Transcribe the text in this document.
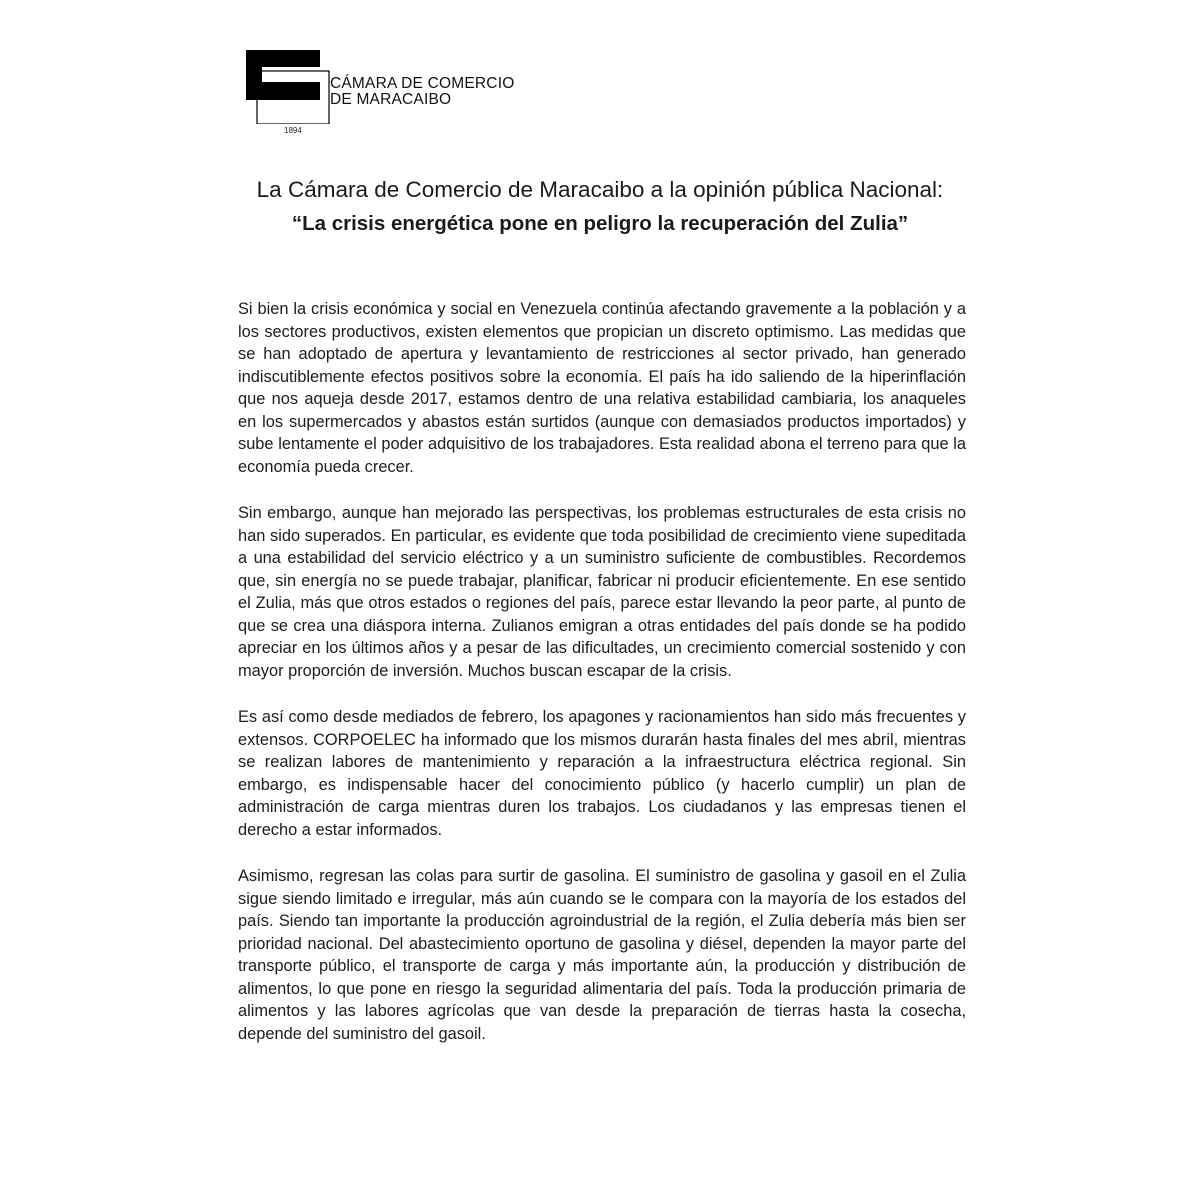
CÁMARA DE COMERCIO
DE MARACAIBO
1894
La Cámara de Comercio de Maracaibo a la opinión pública Nacional: “La crisis energética pone en peligro la recuperación del Zulia”

Si bien la crisis económica y social en Venezuela continúa afectando gravemente a la población y a los sectores productivos, existen elementos que propician un discreto optimismo. Las medidas que se han adoptado de apertura y levantamiento de restricciones al sector privado, han generado indiscutiblemente efectos positivos sobre la economía. El país ha ido saliendo de la hiperinflación que nos aqueja desde 2017, estamos dentro de una relativa estabilidad cambiaria, los anaqueles en los supermercados y abastos están surtidos (aunque con demasiados productos importados) y sube lentamente el poder adquisitivo de los trabajadores. Esta realidad abona el terreno para que la economía pueda crecer.

Sin embargo, aunque han mejorado las perspectivas, los problemas estructurales de esta crisis no han sido superados. En particular, es evidente que toda posibilidad de crecimiento viene supeditada a una estabilidad del servicio eléctrico y a un suministro suficiente de combustibles. Recordemos que, sin energía no se puede trabajar, planificar, fabricar ni producir eficientemente. En ese sentido el Zulia, más que otros estados o regiones del país, parece estar llevando la peor parte, al punto de que se crea una diáspora interna. Zulianos emigran a otras entidades del país donde se ha podido apreciar en los últimos años y a pesar de las dificultades, un crecimiento comercial sostenido y con mayor proporción de inversión. Muchos buscan escapar de la crisis.

Es así como desde mediados de febrero, los apagones y racionamientos han sido más frecuentes y extensos. CORPOELEC ha informado que los mismos durarán hasta finales del mes abril, mientras se realizan labores de mantenimiento y reparación a la infraestructura eléctrica regional. Sin embargo, es indispensable hacer del conocimiento público (y hacerlo cumplir) un plan de administración de carga mientras duren los trabajos. Los ciudadanos y las empresas tienen el derecho a estar informados.

Asimismo, regresan las colas para surtir de gasolina. El suministro de gasolina y gasoil en el Zulia sigue siendo limitado e irregular, más aún cuando se le compara con la mayoría de los estados del país. Siendo tan importante la producción agroindustrial de la región, el Zulia debería más bien ser prioridad nacional. Del abastecimiento oportuno de gasolina y diésel, dependen la mayor parte del transporte público, el transporte de carga y más importante aún, la producción y distribución de alimentos, lo que pone en riesgo la seguridad alimentaria del país. Toda la producción primaria de alimentos y las labores agrícolas que van desde la preparación de tierras hasta la cosecha, depende del suministro del gasoil.
